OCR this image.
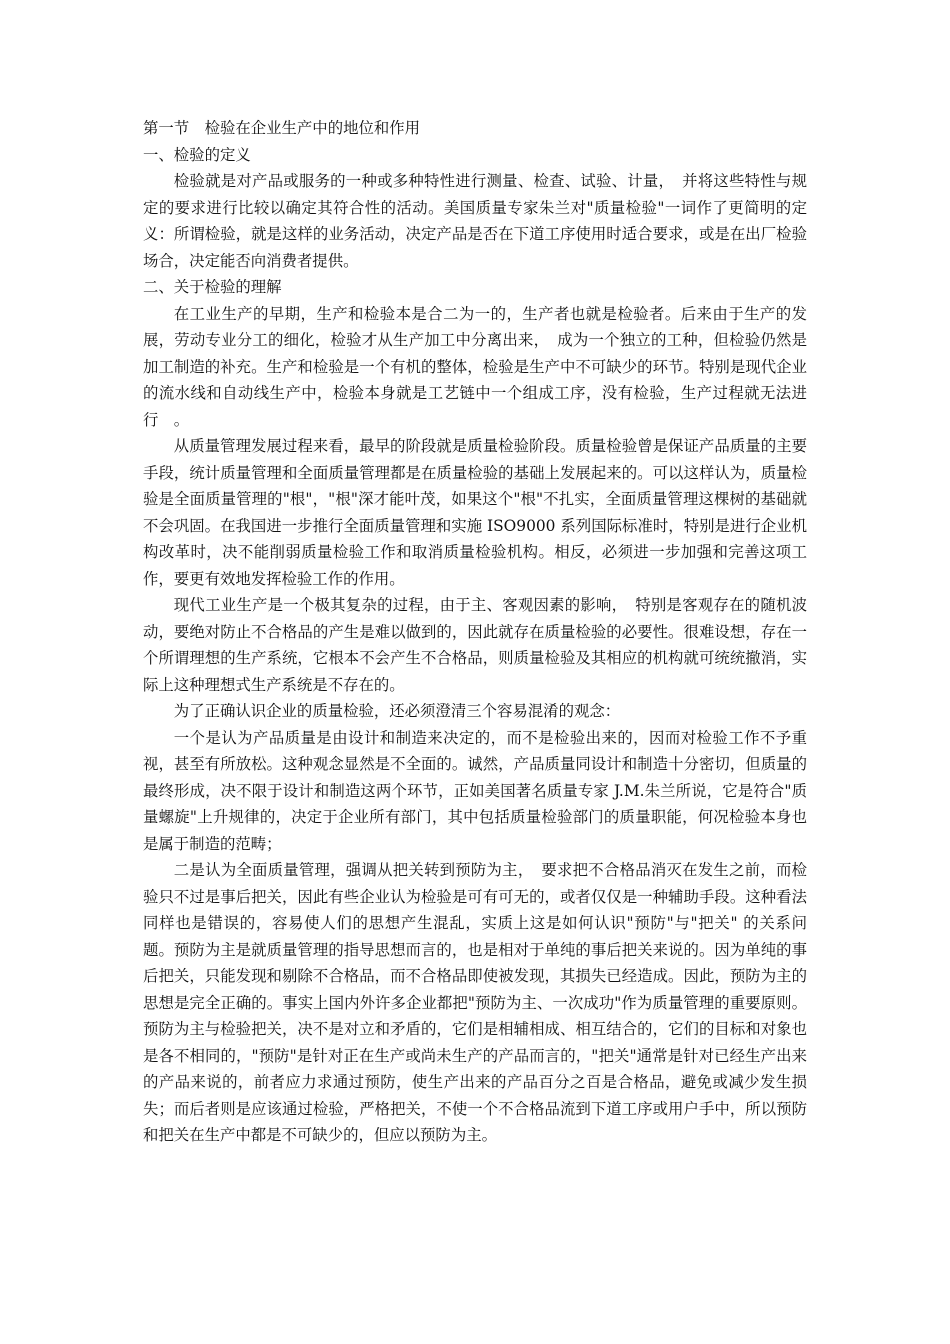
第一节　检验在企业生产中的地位和作用

一、检验的定义

检验就是对产品或服务的一种或多种特性进行测量、检查、试验、计量，　并将这些特性与规定的要求进行比较以确定其符合性的活动。美国质量专家朱兰对"质量检验"一词作了更简明的定义：所谓检验，就是这样的业务活动，决定产品是否在下道工序使用时适合要求，或是在出厂检验场合，决定能否向消费者提供。

二、关于检验的理解

在工业生产的早期，生产和检验本是合二为一的，生产者也就是检验者。后来由于生产的发展，劳动专业分工的细化，检验才从生产加工中分离出来，　成为一个独立的工种，但检验仍然是加工制造的补充。生产和检验是一个有机的整体，检验是生产中不可缺少的环节。特别是现代企业的流水线和自动线生产中，检验本身就是工艺链中一个组成工序，没有检验，生产过程就无法进行　。

从质量管理发展过程来看，最早的阶段就是质量检验阶段。质量检验曾是保证产品质量的主要手段，统计质量管理和全面质量管理都是在质量检验的基础上发展起来的。可以这样认为，质量检验是全面质量管理的"根"，"根"深才能叶茂，如果这个"根"不扎实，全面质量管理这棵树的基础就不会巩固。在我国进一步推行全面质量管理和实施 ISO9000 系列国际标准时，特别是进行企业机构改革时，决不能削弱质量检验工作和取消质量检验机构。相反，必须进一步加强和完善这项工作，要更有效地发挥检验工作的作用。

现代工业生产是一个极其复杂的过程，由于主、客观因素的影响，　特别是客观存在的随机波动，要绝对防止不合格品的产生是难以做到的，因此就存在质量检验的必要性。很难设想，存在一个所谓理想的生产系统，它根本不会产生不合格品，则质量检验及其相应的机构就可统统撤消，实际上这种理想式生产系统是不存在的。

为了正确认识企业的质量检验，还必须澄清三个容易混淆的观念：

一个是认为产品质量是由设计和制造来决定的，而不是检验出来的，因而对检验工作不予重视，甚至有所放松。这种观念显然是不全面的。诚然，产品质量同设计和制造十分密切，但质量的最终形成，决不限于设计和制造这两个环节，正如美国著名质量专家 J.M.朱兰所说，它是符合"质量螺旋"上升规律的，决定于企业所有部门，其中包括质量检验部门的质量职能，何况检验本身也是属于制造的范畴；

二是认为全面质量管理，强调从把关转到预防为主，　要求把不合格品消灭在发生之前，而检验只不过是事后把关，因此有些企业认为检验是可有可无的，或者仅仅是一种辅助手段。这种看法同样也是错误的，容易使人们的思想产生混乱，实质上这是如何认识"预防"与"把关" 的关系问题。预防为主是就质量管理的指导思想而言的，也是相对于单纯的事后把关来说的。因为单纯的事后把关，只能发现和剔除不合格品，而不合格品即使被发现，其损失已经造成。因此，预防为主的思想是完全正确的。事实上国内外许多企业都把"预防为主、一次成功"作为质量管理的重要原则。预防为主与检验把关，决不是对立和矛盾的，它们是相辅相成、相互结合的，它们的目标和对象也是各不相同的，"预防"是针对正在生产或尚未生产的产品而言的，"把关"通常是针对已经生产出来的产品来说的，前者应力求通过预防，使生产出来的产品百分之百是合格品，避免或减少发生损失；而后者则是应该通过检验，严格把关，不使一个不合格品流到下道工序或用户手中，所以预防和把关在生产中都是不可缺少的，但应以预防为主。
